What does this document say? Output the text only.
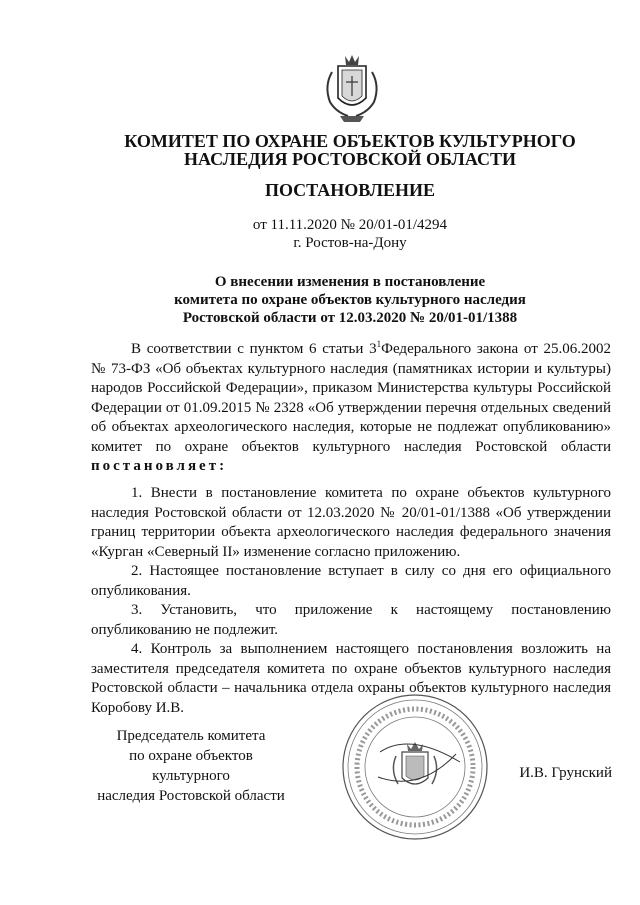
КОМИТЕТ ПО ОХРАНЕ ОБЪЕКТОВ КУЛЬТУРНОГО
НАСЛЕДИЯ РОСТОВСКОЙ ОБЛАСТИ
ПОСТАНОВЛЕНИЕ
от 11.11.2020 № 20/01-01/4294
г. Ростов-на-Дону
О внесении изменения в постановление
комитета по охране объектов культурного наследия
Ростовской области от 12.03.2020 № 20/01-01/1388
В соответствии с пунктом 6 статьи $3^1Федерального$ закона от 25.06.2002 № 73-ФЗ «Об объектах культурного наследия (памятниках истории и культуры) народов Российской Федерации», приказом Министерства культуры Российской Федерации от 01.09.2015 № 2328 «Об утверждении перечня отдельных сведений об объектах археологического наследия, которые не подлежат опубликованию» комитет по охране объектов культурного наследия Ростовской области постановляет:

1. Внести в постановление комитета по охране объектов культурного наследия Ростовской области от 12.03.2020 № 20/01-01/1388 «Об утверждении границ территории объекта археологического наследия федерального значения «Курган «Северный II» изменение согласно приложению.

2. Настоящее постановление вступает в силу со дня его официального опубликования.

3. Установить, что приложение к настоящему постановлению опубликованию не подлежит.

4. Контроль за выполнением настоящего постановления возложить на заместителя председателя комитета по охране объектов культурного наследия Ростовской области – начальника отдела охраны объектов культурного наследия Коробову И.В.

Председатель комитета
по охране объектов культурного
наследия Ростовской области
И.В. Грунский
